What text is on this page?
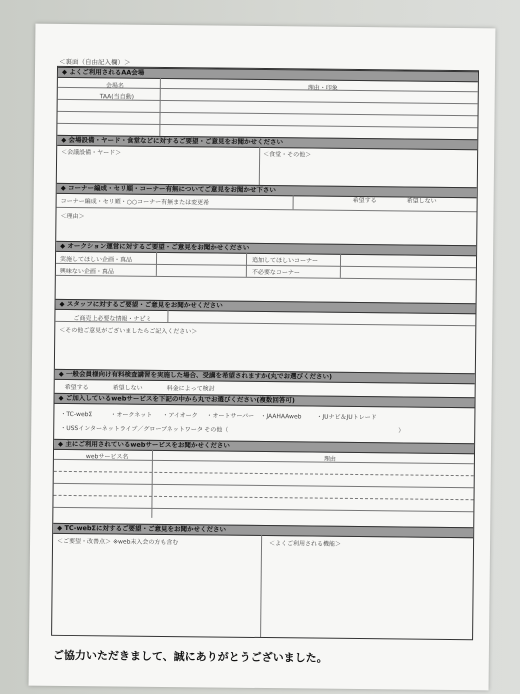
＜裏面（自由記入欄）＞
◆ よくご利用されるAA会場
会場名	理由・印象
TAA(当自動)
◆ 会場設備・ヤード・食堂などに対するご要望・ご意見をお聞かせください
＜会議設備・ヤード＞	＜食堂・その他＞
◆ コーナー編成・セリ順・コーナー有無についてご意見をお聞かせ下さい
コーナー編成・セリ順・○○コーナー有無または変更希	希望する	希望しない
＜理由＞
◆ オークション運営に対するご要望・ご意見をお聞かせください
実施してほしい企画・真品	追加してほしいコーナー
興味ない企画・真品	不必要なコーナー
◆ スタッフに対するご要望・ご意見をお聞かせください
ご商売上必要な情報・ナビ゙ミ
＜その他ご意見がございましたらご記入ください＞
◆ 一般会員様向け有料検査講習を実施した場合、受講を希望されますか(丸でお選びください)
希望する	希望しない	料金によって検討
◆ ご加入しているwebサービスを下記の中から丸でお選びください(複数回答可)
・TC-webΣ	・オークネット ・アイオーク ・オートサーバー ・JAAHAAweb ・JUナビ＆JUトレード
・USSインターネットライブ／グローブネットワーク
・その他（	）
◆ 主にご利用されているwebサービスをお聞かせください
webサービス名	理由
◆ TC-webΣに対するご要望・ご意見をお聞かせください
＜ご要望・改善点＞ ※web未入会の方も含む	＜よくご利用される機能＞
ご協力いただきまして、誠にありがとうございました。
